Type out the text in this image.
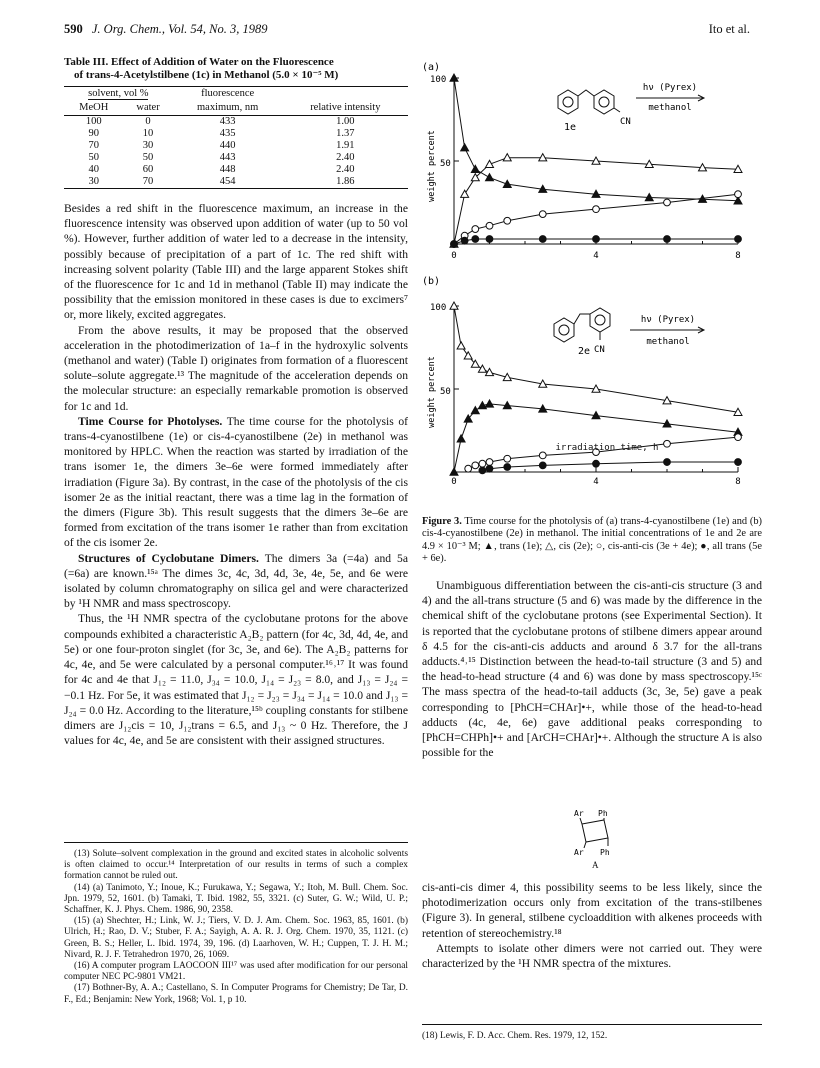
590 J. Org. Chem., Vol. 54, No. 3, 1989	Ito et al.
Table III. Effect of Addition of Water on the Fluorescence
of trans-4-Acetylstilbene (1c) in Methanol (5.0 × 10⁻⁵ M)
solvent, vol %		fluorescence	
MeOH	water	maximum, nm	relative intensity
100	0	433	1.00
90	10	435	1.37
70	30	440	1.91
50	50	443	2.40
40	60	448	2.40
30	70	454	1.86

Besides a red shift in the fluorescence maximum, an increase in the fluorescence intensity was observed upon addition of water (up to 50 vol %). However, further addition of water led to a decrease in the intensity, possibly because of precipitation of a part of 1c. The red shift with increasing solvent polarity (Table III) and the large apparent Stokes shift of the fluorescence for 1c and 1d in methanol (Table II) may indicate the possibility that the emission monitored in these cases is due to excimers⁷ or, more likely, excited aggregates.

From the above results, it may be proposed that the observed acceleration in the photodimerization of 1a–f in the hydroxylic solvents (methanol and water) (Table I) originates from formation of a fluorescent solute–solute aggregate.¹³ The magnitude of the acceleration depends on the molecular structure: an especially remarkable promotion is observed for 1c and 1d.

Time Course for Photolyses. The time course for the photolysis of trans-4-cyanostilbene (1e) or cis-4-cyanostilbene (2e) in methanol was monitored by HPLC. When the reaction was started by irradiation of the trans isomer 1e, the dimers 3e–6e were formed immediately after irradiation (Figure 3a). By contrast, in the case of the photolysis of the cis isomer 2e as the initial reactant, there was a time lag in the formation of the dimers (Figure 3b). This result suggests that the dimers 3e–6e are formed from excitation of the trans isomer 1e rather than from excitation of the cis isomer 2e.

Structures of Cyclobutane Dimers. The dimers 3a (=4a) and 5a (=6a) are known.¹⁵ᵃ The dimes 3c, 4c, 3d, 4d, 3e, 4e, 5e, and 6e were isolated by column chromatography on silica gel and were characterized by ¹H NMR and mass spectroscopy.

Thus, the ¹H NMR spectra of the cyclobutane protons for the above compounds exhibited a characteristic A₂B₂ pattern (for 4c, 3d, 4d, 4e, and 5e) or one four-proton singlet (for 3c, 3e, and 6e). The A₂B₂ patterns for 4c, 4e, and 5e were calculated by a personal computer.¹⁶˒¹⁷ It was found for 4c and 4e that J₁₂ = 11.0, J₃₄ = 10.0, J₁₄ = J₂₃ = 8.0, and J₁₃ = J₂₄ = −0.1 Hz. For 5e, it was estimated that J₁₂ = J₂₃ = J₃₄ = J₁₄ = 10.0 and J₁₃ = J₂₄ = 0.0 Hz. According to the literature,¹⁵ᵇ coupling constants for stilbene dimers are J₁₂cis = 10, J₁₂trans = 6.5, and J₁₃ ~ 0 Hz. Therefore, the J values for 4c, 4e, and 5e are consistent with their assigned structures.

(13) Solute–solvent complexation in the ground and excited states in alcoholic solvents is often claimed to occur.¹⁴ Interpretation of our results in terms of such a complex formation cannot be ruled out.

(14) (a) Tanimoto, Y.; Inoue, K.; Furukawa, Y.; Segawa, Y.; Itoh, M. Bull. Chem. Soc. Jpn. 1979, 52, 1601. (b) Tamaki, T. Ibid. 1982, 55, 3321. (c) Suter, G. W.; Wild, U. P.; Schaffner, K. J. Phys. Chem. 1986, 90, 2358.

(15) (a) Shechter, H.; Link, W. J.; Tiers, V. D. J. Am. Chem. Soc. 1963, 85, 1601. (b) Ulrich, H.; Rao, D. V.; Stuber, F. A.; Sayigh, A. A. R. J. Org. Chem. 1970, 35, 1121. (c) Green, B. S.; Heller, L. Ibid. 1974, 39, 196. (d) Laarhoven, W. H.; Cuppen, T. J. H. M.; Nivard, R. J. F. Tetrahedron 1970, 26, 1069.

(16) A computer program LAOCOON III¹⁷ was used after modification for our personal computer NEC PC-9801 VM21.

(17) Bothner-By, A. A.; Castellano, S. In Computer Programs for Chemistry; De Tar, D. F., Ed.; Benjamin: New York, 1968; Vol. 1, p 10.

(a)
100
50
weight percent
0	4	8
1e	CN
hν (Pyrex)
methanol
(b)
100
50
weight percent
0	4	8
2e CN
hν (Pyrex)
methanol
irradiation time, h
Figure 3. Time course for the photolysis of (a) trans-4-cyanostilbene (1e) and (b) cis-4-cyanostilbene (2e) in methanol. The initial concentrations of 1e and 2e are 4.9 × 10⁻³ M; ▲, trans (1e); △, cis (2e); ○, cis-anti-cis (3e + 4e); ●, all trans (5e + 6e).

Unambiguous differentiation between the cis-anti-cis structure (3 and 4) and the all-trans structure (5 and 6) was made by the difference in the chemical shift of the cyclobutane protons (see Experimental Section). It is reported that the cyclobutane protons of stilbene dimers appear around δ 4.5 for the cis-anti-cis adducts and around δ 3.7 for the all-trans adducts.⁴˒¹⁵ Distinction between the head-to-tail structure (3 and 5) and the head-to-head structure (4 and 6) was done by mass spectroscopy.¹⁵ᶜ The mass spectra of the head-to-tail adducts (3c, 3e, 5e) gave a peak corresponding to [PhCH=CHAr]•+, while those of the head-to-head adducts (4c, 4e, 6e) gave additional peaks corresponding to [PhCH=CHPh]•+ and [ArCH=CHAr]•+. Although the structure A is also possible for the

Ar Ph
Ar Ph
A

cis-anti-cis dimer 4, this possibility seems to be less likely, since the photodimerization occurs only from excitation of the trans-stilbenes (Figure 3). In general, stilbene cycloaddition with alkenes proceeds with retention of stereochemistry.¹⁸

Attempts to isolate other dimers were not carried out. They were characterized by the ¹H NMR spectra of the mixtures.

(18) Lewis, F. D. Acc. Chem. Res. 1979, 12, 152.
